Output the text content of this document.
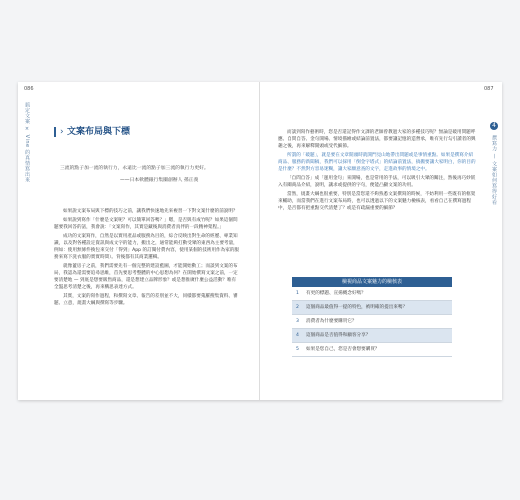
086
搞定文案 × Vine 的真情寫出來	› 文案布局與下標
三流的點子加一流的執行力，永遠比一流的點子加三流的執行力更好。
——日本軟體銀行集團創辦人 孫正義

如果說文案布局與下標的技巧之前，讓我們快速地先來複習一下對文案什麼的前說明？

如果說到寫作「什麼是文案呢？可以簡單回答嗎？」嗯，是否與有成竹呢？如果這個問題要我回答的話，我會說：「文案寫作，其實是藏後與消費者真伴的一段精神架程。」

成功的文案寫作，自然是以實用產品或服務為目的，綜合反映出對生命的經歷、專業知識，以及對各種設定資訊與成文字的能力，搬出之，通常能夠打動受眾的東西為主要考量，例如：使用無條件換包來交付「得到」App 的訂閱付費內容，使用某個的技術用作為家的服務來寫下洗衣服的實實時間）。背後都有其商業邏輯。

就像蓋房子之前，我們需要先有一個完整的建設藍圖，才能開始動工；而談到文案的布局，我認為還需要追尋思維，首先要思考整體的中心思想為何？在開始撰寫文案之前，一定要清楚地 — 到底是想要販售商品，還是想建立品牌形象？或是想推廣什麼公益活動？唯有全盤思考清楚之後，再來構思表達方式。

其實，文案的寫作過程，和撰寫文章、報告的差別並不大，同樣都要蒐羅搜集資料、審題、立意，規畫大綱與撰寫等步驟。

087
4
撰寫力 — 文案如何寫得好看

而談到寫作藝術時，您是否還記得作文課的老師曾教過大家的多種技巧呢？無論是破用問題呼應、自問自答、金句開場、情境描繪或結論前置法，都要讓記憶的造營承，唯有先行勾引讀者的興趣之後，再來解釋開頭或受代細節。

所謂的「破題」，就是要在文章開頭時就開門見山地帶出問題或是事情重點。如果是撰寫介紹商品、服務的新聞稿，我們可以採用「倒金字塔式」的結論前置法，搞搬要讓大家明白，你的目的是什麼？不然對方容易迷糊，讓大家願意查的文字，走進故事的情境之中。

「自問自答」成「運用金句」來開場，也是常用的手法，可以吸引大眾的關注，然後再巧妙嵌入有關商品介紹，說明，讓求或提供的字句，便能凸顯文案的功用。

當然，規畫大綱也很重要，特別是當您還不夠熟悉文案撰寫的時候，不妨利用一些既有的框架來輔助，而當我們在進行文案布局時，也可以透過以下的文案魅力檢核表，看看自己在撰寫過程中，是否都有把重點交代清楚了？或是有疏漏重要的細節？

檢視商品文案魅力的檢核表
1 有更的標題、宣揚概念好嗎？
2 這個商品最值得一提的特色，被明確的提出來嗎？
3 消費者為什麼要購買它？
4 這個商品是否值得和顧客分享？
5 如果是您自己，您是否會想要購買？
